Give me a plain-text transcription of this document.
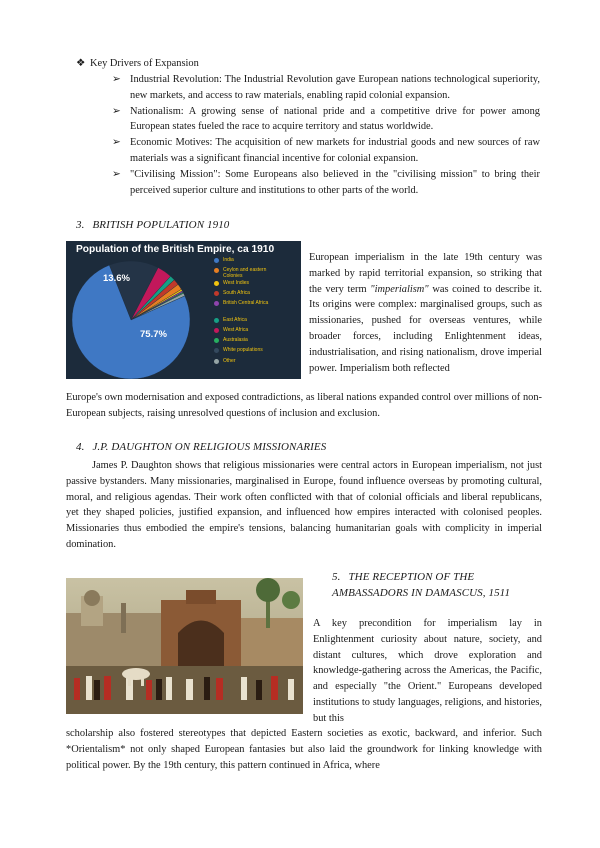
❖ Key Drivers of Expansion
➢ Industrial Revolution: The Industrial Revolution gave European nations technological superiority, new markets, and access to raw materials, enabling rapid colonial expansion.
➢ Nationalism: A growing sense of national pride and a competitive drive for power among European states fueled the race to acquire territory and status worldwide.
➢ Economic Motives: The acquisition of new markets for industrial goods and new sources of raw materials was a significant financial incentive for colonial expansion.
➢ "Civilising Mission": Some Europeans also believed in the "civilising mission" to bring their perceived superior culture and institutions to other parts of the world.
3. BRITISH POPULATION 1910
Population of the British Empire, ca 1910
India
Ceylon and eastern Colonies
West Indies
South Africa
British Central Africa
East Africa
West Africa
Australasia
White populations
Other
13.6%
75.7%
European imperialism in the late 19th century was marked by rapid territorial expansion, so striking that the very term "imperialism" was coined to describe it. Its origins were complex: marginalised groups, such as missionaries, pushed for overseas ventures, while broader forces, including Enlightenment ideas, industrialisation, and rising nationalism, drove imperial power. Imperialism both reflected
Europe's own modernisation and exposed contradictions, as liberal nations expanded control over millions of non-European subjects, raising unresolved questions of inclusion and exclusion.
4. J.P. DAUGHTON ON RELIGIOUS MISSIONARIES
James P. Daughton shows that religious missionaries were central actors in European imperialism, not just passive bystanders. Many missionaries, marginalised in Europe, found influence overseas by promoting cultural, moral, and religious agendas. Their work often conflicted with that of colonial officials and liberal republicans, yet they shaped policies, justified expansion, and influenced how empires interacted with colonised peoples. Missionaries thus embodied the empire's tensions, balancing humanitarian goals with complicity in imperial domination.
5. THE RECEPTION OF THE
AMBASSADORS IN DAMASCUS, 1511
A key precondition for imperialism lay in Enlightenment curiosity about nature, society, and distant cultures, which drove exploration and knowledge-gathering across the Americas, the Pacific, and especially "the Orient." Europeans developed institutions to study languages, religions, and histories, but this
scholarship also fostered stereotypes that depicted Eastern societies as exotic, backward, and inferior. Such *Orientalism* not only shaped European fantasies but also laid the groundwork for linking knowledge with political power. By the 19th century, this pattern continued in Africa, where
